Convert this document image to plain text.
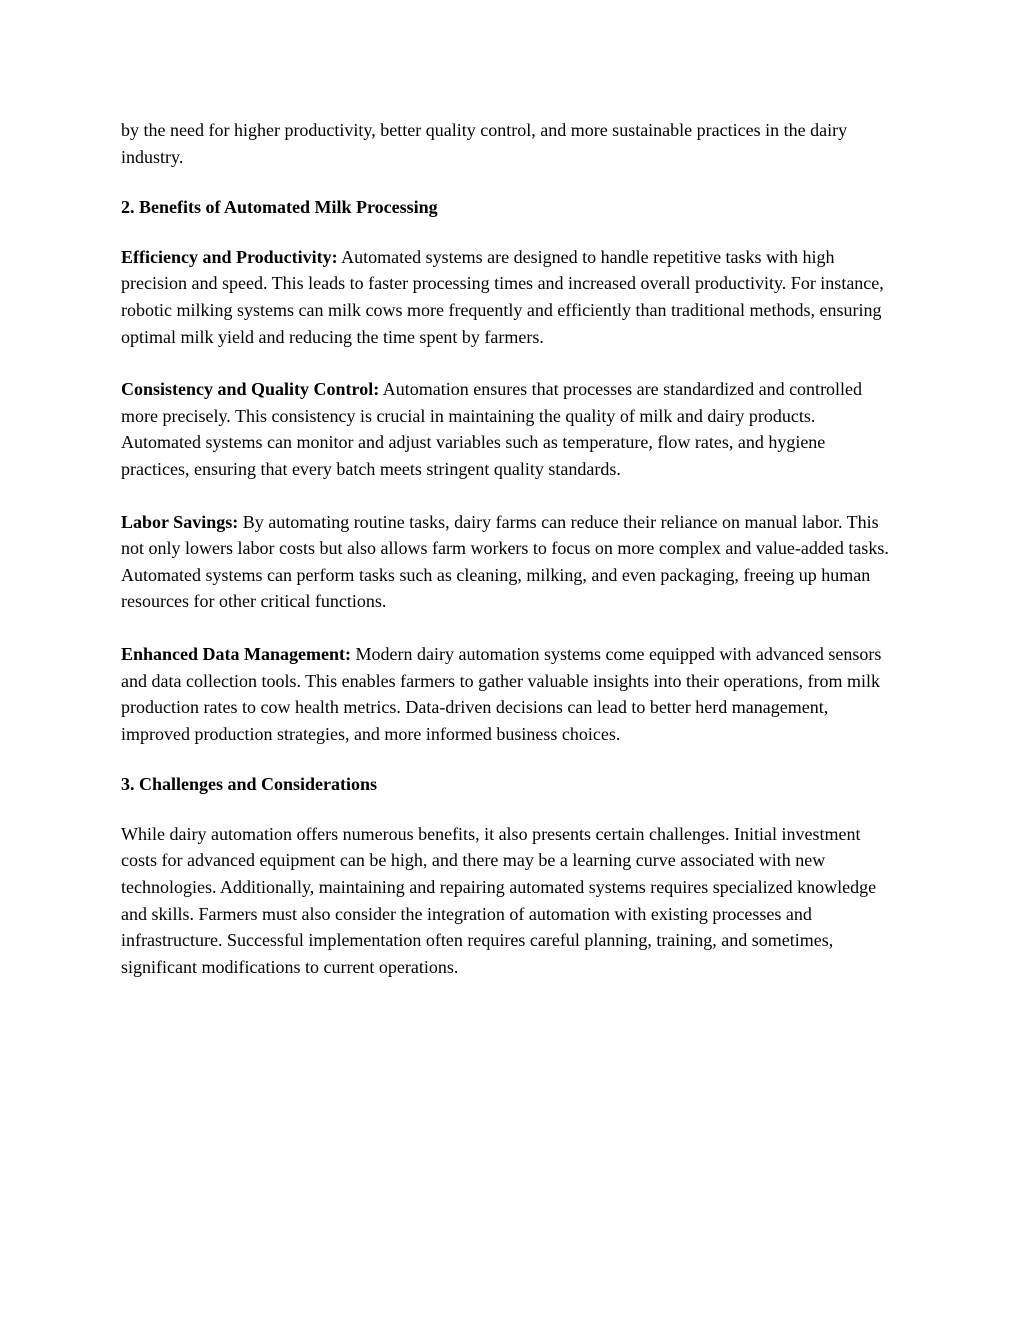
by the need for higher productivity, better quality control, and more sustainable practices in the dairy industry.

2. Benefits of Automated Milk Processing

Efficiency and Productivity: Automated systems are designed to handle repetitive tasks with high precision and speed. This leads to faster processing times and increased overall productivity. For instance, robotic milking systems can milk cows more frequently and efficiently than traditional methods, ensuring optimal milk yield and reducing the time spent by farmers.

Consistency and Quality Control: Automation ensures that processes are standardized and controlled more precisely. This consistency is crucial in maintaining the quality of milk and dairy products. Automated systems can monitor and adjust variables such as temperature, flow rates, and hygiene practices, ensuring that every batch meets stringent quality standards.

Labor Savings: By automating routine tasks, dairy farms can reduce their reliance on manual labor. This not only lowers labor costs but also allows farm workers to focus on more complex and value-added tasks. Automated systems can perform tasks such as cleaning, milking, and even packaging, freeing up human resources for other critical functions.

Enhanced Data Management: Modern dairy automation systems come equipped with advanced sensors and data collection tools. This enables farmers to gather valuable insights into their operations, from milk production rates to cow health metrics. Data-driven decisions can lead to better herd management, improved production strategies, and more informed business choices.

3. Challenges and Considerations

While dairy automation offers numerous benefits, it also presents certain challenges. Initial investment costs for advanced equipment can be high, and there may be a learning curve associated with new technologies. Additionally, maintaining and repairing automated systems requires specialized knowledge and skills. Farmers must also consider the integration of automation with existing processes and infrastructure. Successful implementation often requires careful planning, training, and sometimes, significant modifications to current operations.
